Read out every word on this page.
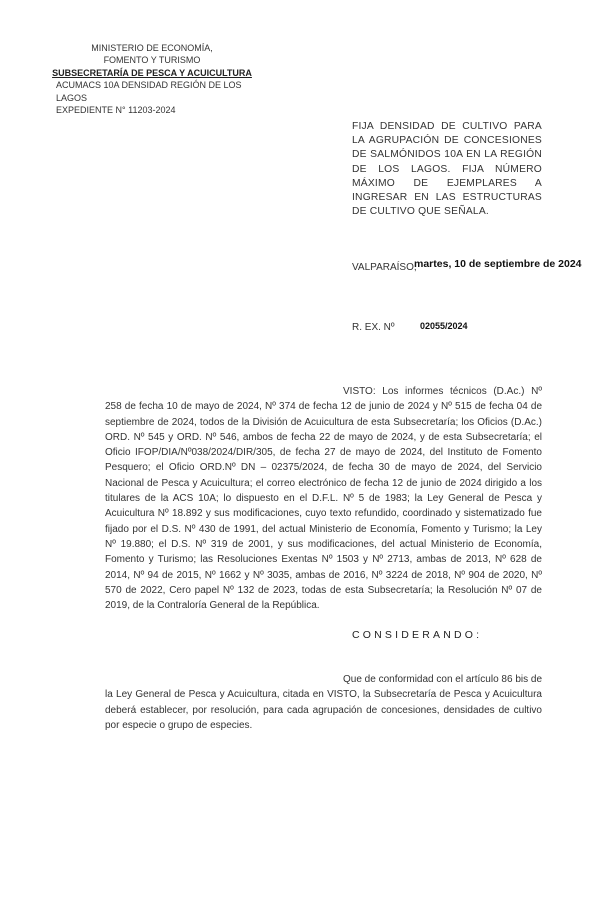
MINISTERIO DE ECONOMÍA,
FOMENTO Y TURISMO
SUBSECRETARÍA DE PESCA Y ACUICULTURA
ACUMACS 10A DENSIDAD REGIÓN DE LOS LAGOS
EXPEDIENTE N° 11203-2024
FIJA DENSIDAD DE CULTIVO PARA LA AGRUPACIÓN DE CONCESIONES DE SALMÓNIDOS 10A EN LA REGIÓN DE LOS LAGOS. FIJA NÚMERO MÁXIMO DE EJEMPLARES A INGRESAR EN LAS ESTRUCTURAS DE CULTIVO QUE SEÑALA.
VALPARAÍSO,
martes, 10 de septiembre de 2024
R. EX. Nº	02055/2024
VISTO: Los informes técnicos (D.Ac.) Nº 258 de fecha 10 de mayo de 2024, Nº 374 de fecha 12 de junio de 2024 y Nº 515 de fecha 04 de septiembre de 2024, todos de la División de Acuicultura de esta Subsecretaría; los Oficios (D.Ac.) ORD. Nº 545 y ORD. Nº 546, ambos de fecha 22 de mayo de 2024, y de esta Subsecretaría; el Oficio IFOP/DIA/Nº038/2024/DIR/305, de fecha 27 de mayo de 2024, del Instituto de Fomento Pesquero; el Oficio ORD.Nº DN – 02375/2024, de fecha 30 de mayo de 2024, del Servicio Nacional de Pesca y Acuicultura; el correo electrónico de fecha 12 de junio de 2024 dirigido a los titulares de la ACS 10A; lo dispuesto en el D.F.L. Nº 5 de 1983; la Ley General de Pesca y Acuicultura Nº 18.892 y sus modificaciones, cuyo texto refundido, coordinado y sistematizado fue fijado por el D.S. Nº 430 de 1991, del actual Ministerio de Economía, Fomento y Turismo; la Ley Nº 19.880; el D.S. Nº 319 de 2001, y sus modificaciones, del actual Ministerio de Economía, Fomento y Turismo; las Resoluciones Exentas Nº 1503 y Nº 2713, ambas de 2013, Nº 628 de 2014, Nº 94 de 2015, Nº 1662 y Nº 3035, ambas de 2016, Nº 3224 de 2018, Nº 904 de 2020, Nº 570 de 2022, Cero papel Nº 132 de 2023, todas de esta Subsecretaría; la Resolución Nº 07 de 2019, de la Contraloría General de la República.
CONSIDERANDO:
Que de conformidad con el artículo 86 bis de la Ley General de Pesca y Acuicultura, citada en VISTO, la Subsecretaría de Pesca y Acuicultura deberá establecer, por resolución, para cada agrupación de concesiones, densidades de cultivo por especie o grupo de especies.
